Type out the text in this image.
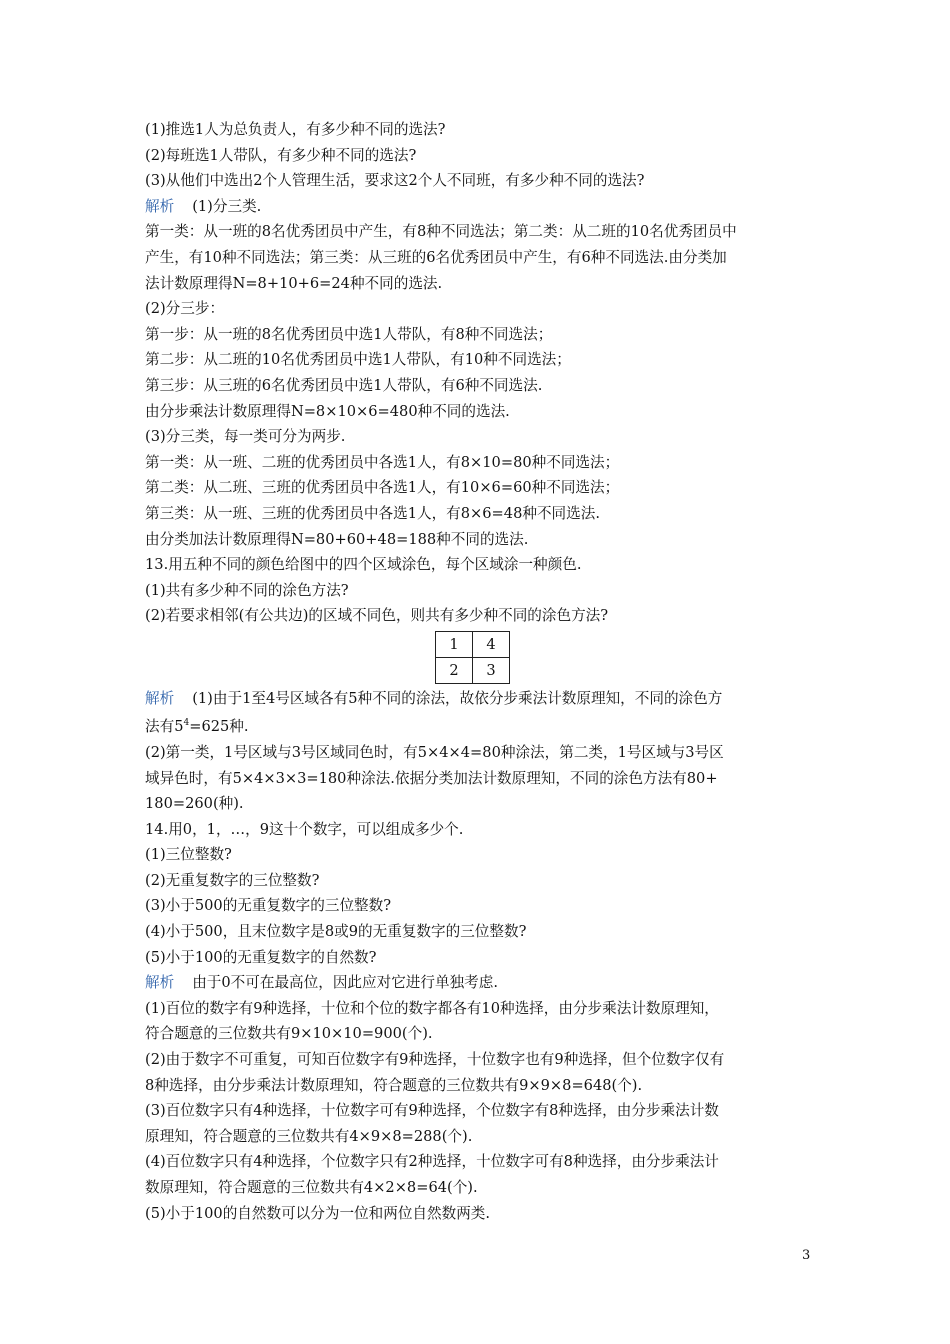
(1)推选1人为总负责人，有多少种不同的选法?
(2)每班选1人带队，有多少种不同的选法?
(3)从他们中选出2个人管理生活，要求这2个人不同班，有多少种不同的选法?
解析 (1)分三类.
第一类：从一班的8名优秀团员中产生，有8种不同选法；第二类：从二班的10名优秀团员中
产生，有10种不同选法；第三类：从三班的6名优秀团员中产生，有6种不同选法.由分类加
法计数原理得N=8+10+6=24种不同的选法.
(2)分三步：
第一步：从一班的8名优秀团员中选1人带队，有8种不同选法；
第二步：从二班的10名优秀团员中选1人带队，有10种不同选法；
第三步：从三班的6名优秀团员中选1人带队，有6种不同选法.
由分步乘法计数原理得N=8×10×6=480种不同的选法.
(3)分三类，每一类可分为两步.
第一类：从一班、二班的优秀团员中各选1人，有8×10=80种不同选法；
第二类：从二班、三班的优秀团员中各选1人，有10×6=60种不同选法；
第三类：从一班、三班的优秀团员中各选1人，有8×6=48种不同选法.
由分类加法计数原理得N=80+60+48=188种不同的选法.
13.用五种不同的颜色给图中的四个区域涂色，每个区域涂一种颜色.
(1)共有多少种不同的涂色方法?
(2)若要求相邻(有公共边)的区域不同色，则共有多少种不同的涂色方法?
1	4
2	3
解析 (1)由于1至4号区域各有5种不同的涂法，故依分步乘法计数原理知，不同的涂色方
法有$5^4=625$种.
(2)第一类，1号区域与3号区域同色时，有5×4×4=80种涂法，第二类，1号区域与3号区
域异色时，有5×4×3×3=180种涂法.依据分类加法计数原理知，不同的涂色方法有80+
180=260(种).
14.用0，1，…，9这十个数字，可以组成多少个.
(1)三位整数?
(2)无重复数字的三位整数?
(3)小于500的无重复数字的三位整数?
(4)小于500，且末位数字是8或9的无重复数字的三位整数?
(5)小于100的无重复数字的自然数?
解析 由于0不可在最高位，因此应对它进行单独考虑.
(1)百位的数字有9种选择，十位和个位的数字都各有10种选择，由分步乘法计数原理知，
符合题意的三位数共有9×10×10=900(个).
(2)由于数字不可重复，可知百位数字有9种选择，十位数字也有9种选择，但个位数字仅有
8种选择，由分步乘法计数原理知，符合题意的三位数共有9×9×8=648(个).
(3)百位数字只有4种选择，十位数字可有9种选择，个位数字有8种选择，由分步乘法计数
原理知，符合题意的三位数共有4×9×8=288(个).
(4)百位数字只有4种选择，个位数字只有2种选择，十位数字可有8种选择，由分步乘法计
数原理知，符合题意的三位数共有4×2×8=64(个).
(5)小于100的自然数可以分为一位和两位自然数两类.
3
